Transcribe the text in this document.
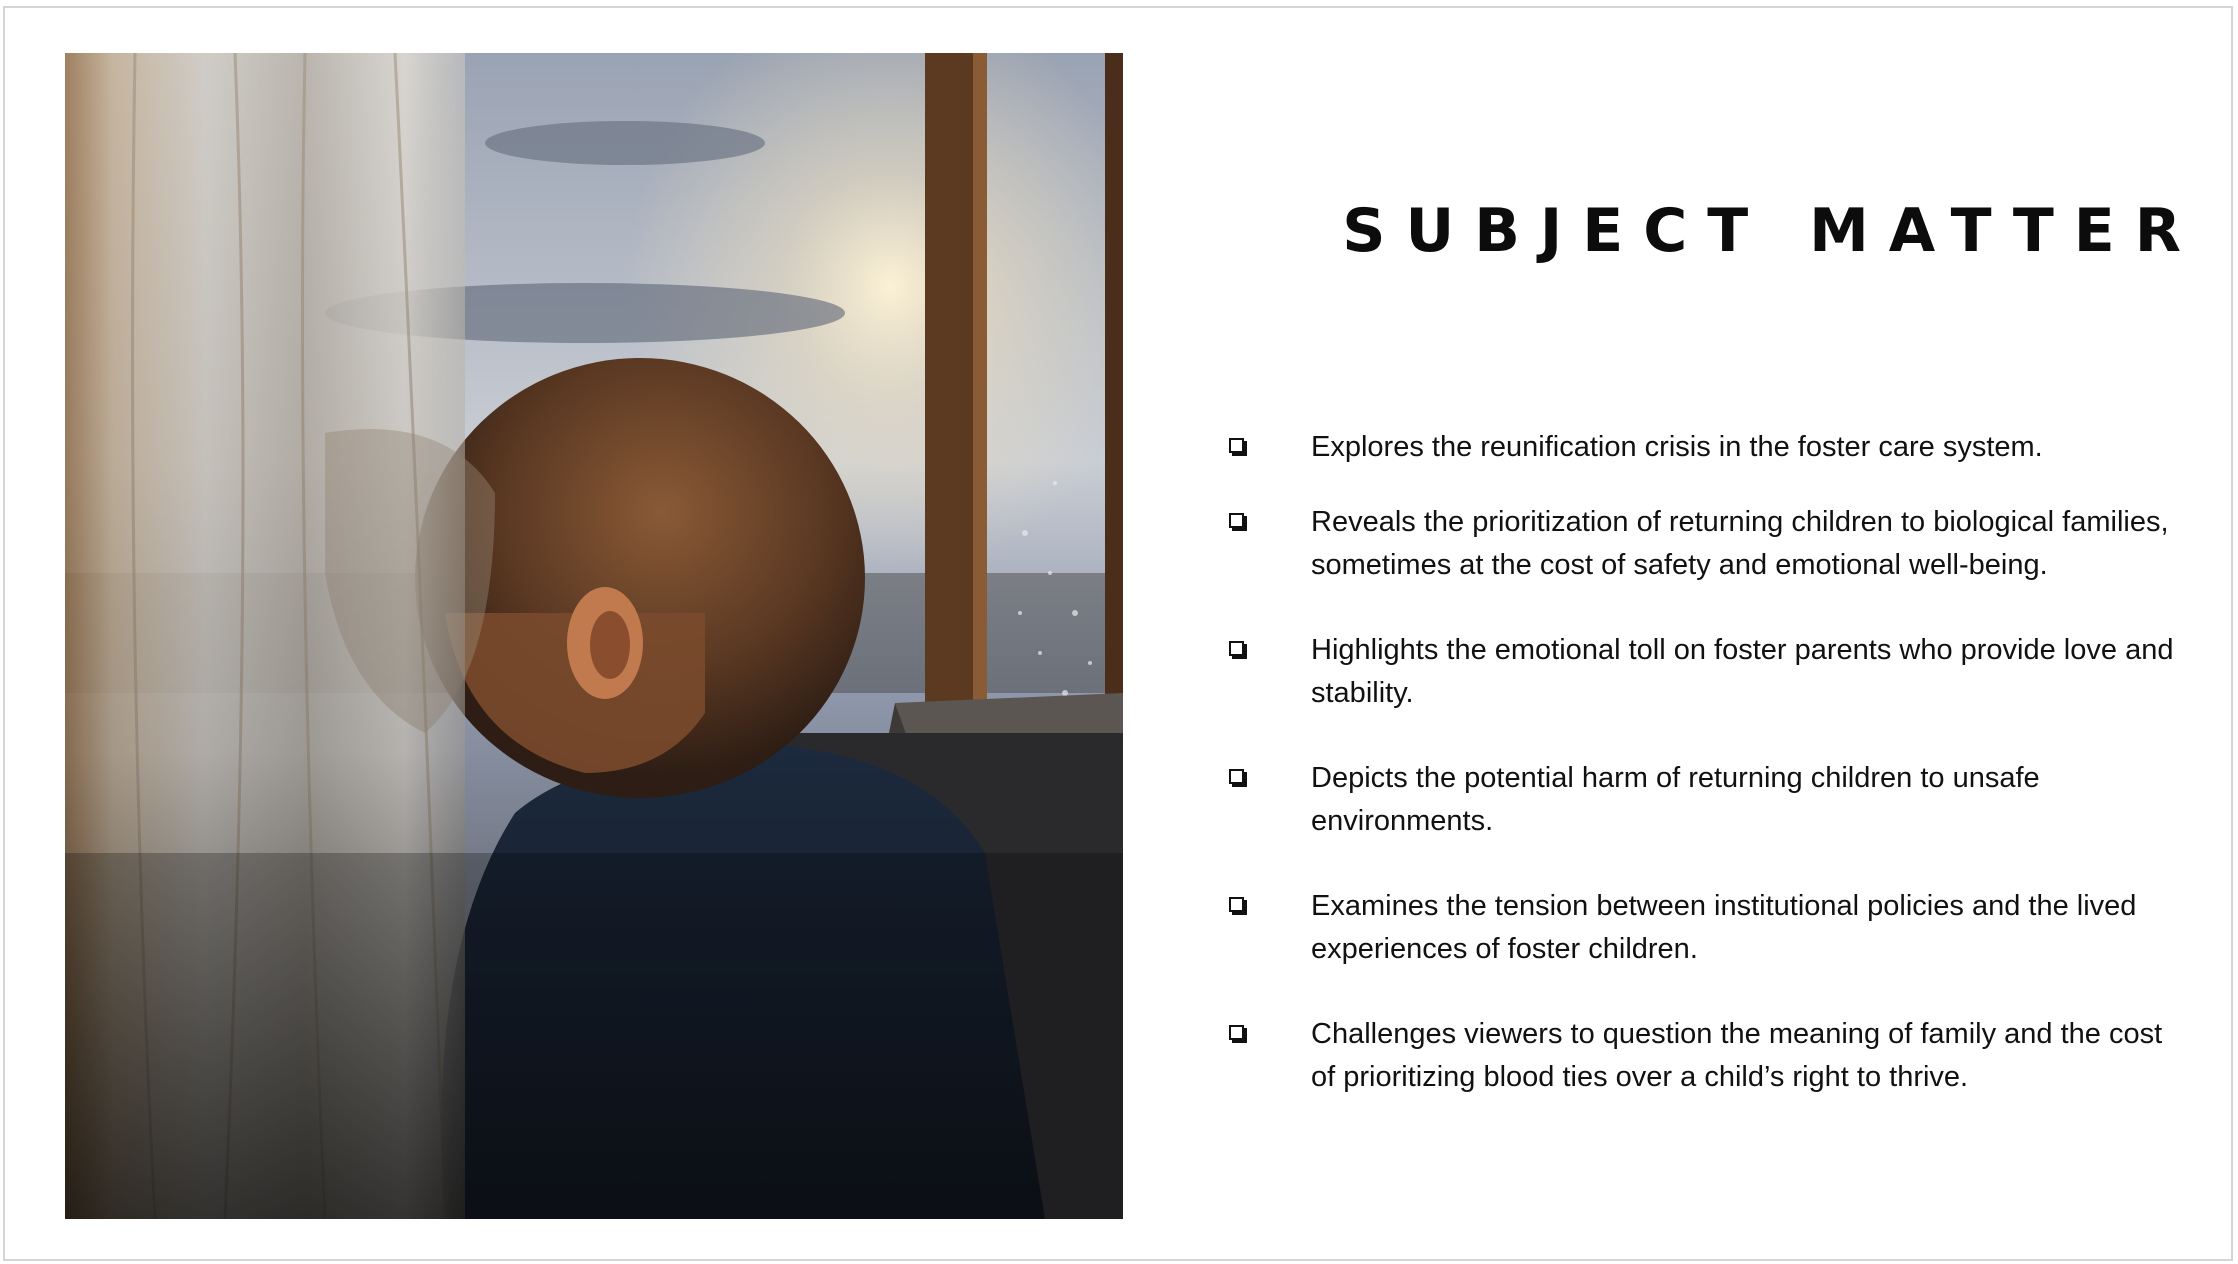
SUBJECT MATTER
Explores the reunification crisis in the foster care system.
Reveals the prioritization of returning children to biological families, sometimes at the cost of safety and emotional well-being.
Highlights the emotional toll on foster parents who provide love and stability.
Depicts the potential harm of returning children to unsafe environments.
Examines the tension between institutional policies and the lived experiences of foster children.
Challenges viewers to question the meaning of family and the cost of prioritizing blood ties over a child’s right to thrive.
